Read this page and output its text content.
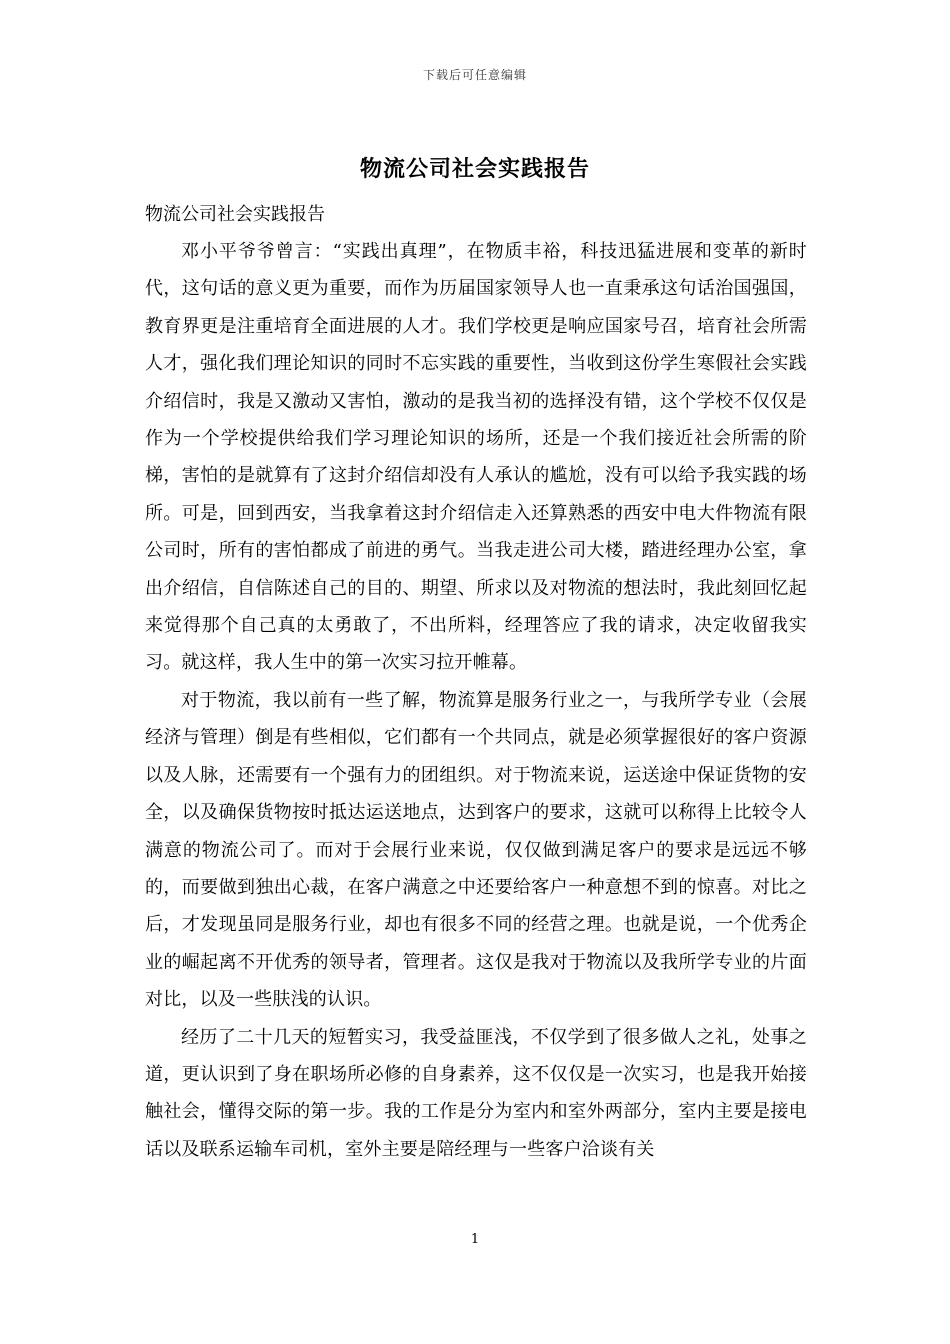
下载后可任意编辑
物流公司社会实践报告

物流公司社会实践报告

邓小平爷爷曾言：“实践出真理”，在物质丰裕，科技迅猛进展和变革的新时代，这句话的意义更为重要，而作为历届国家领导人也一直秉承这句话治国强国，教育界更是注重培育全面进展的人才。我们学校更是响应国家号召，培育社会所需人才，强化我们理论知识的同时不忘实践的重要性，当收到这份学生寒假社会实践介绍信时，我是又激动又害怕，激动的是我当初的选择没有错，这个学校不仅仅是作为一个学校提供给我们学习理论知识的场所，还是一个我们接近社会所需的阶梯，害怕的是就算有了这封介绍信却没有人承认的尴尬，没有可以给予我实践的场所。可是，回到西安，当我拿着这封介绍信走入还算熟悉的西安中电大件物流有限公司时，所有的害怕都成了前进的勇气。当我走进公司大楼，踏进经理办公室，拿出介绍信，自信陈述自己的目的、期望、所求以及对物流的想法时，我此刻回忆起来觉得那个自己真的太勇敢了，不出所料，经理答应了我的请求，决定收留我实习。就这样，我人生中的第一次实习拉开帷幕。

对于物流，我以前有一些了解，物流算是服务行业之一，与我所学专业（会展经济与管理）倒是有些相似，它们都有一个共同点，就是必须掌握很好的客户资源以及人脉，还需要有一个强有力的团组织。对于物流来说，运送途中保证货物的安全，以及确保货物按时抵达运送地点，达到客户的要求，这就可以称得上比较令人满意的物流公司了。而对于会展行业来说，仅仅做到满足客户的要求是远远不够的，而要做到独出心裁，在客户满意之中还要给客户一种意想不到的惊喜。对比之后，才发现虽同是服务行业，却也有很多不同的经营之理。也就是说，一个优秀企业的崛起离不开优秀的领导者，管理者。这仅是我对于物流以及我所学专业的片面对比，以及一些肤浅的认识。

经历了二十几天的短暂实习，我受益匪浅，不仅学到了很多做人之礼，处事之道，更认识到了身在职场所必修的自身素养，这不仅仅是一次实习，也是我开始接触社会，懂得交际的第一步。我的工作是分为室内和室外两部分，室内主要是接电话以及联系运输车司机，室外主要是陪经理与一些客户洽谈有关

1
